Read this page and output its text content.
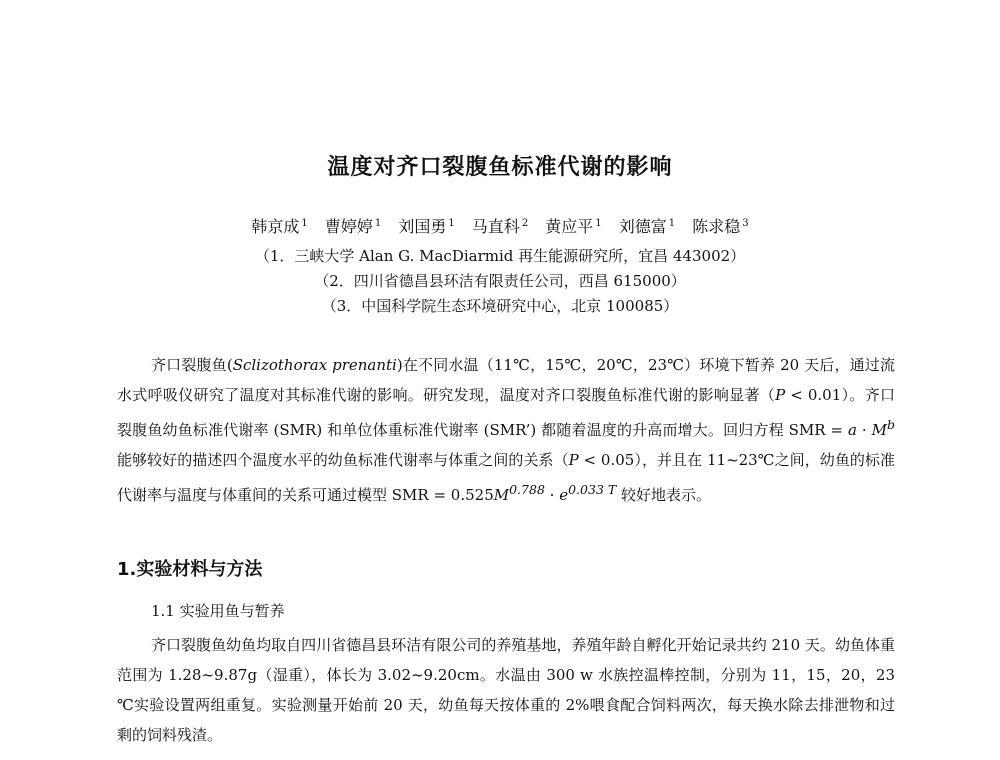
温度对齐口裂腹鱼标准代谢的影响
韩京成 $^1$ 曹婷婷 $^1$ 刘国勇 $^1$ 马直科 $^2$ 黄应平 $^1$ 刘德富 $^1$ 陈求稳 $^3$
（1．三峡大学 Alan G. MacDiarmid 再生能源研究所，宜昌 443002）
（2．四川省德昌县环洁有限责任公司，西昌 615000）
（3．中国科学院生态环境研究中心，北京 100085）

齐口裂腹鱼(Sclizothorax prenanti)在不同水温（11℃，15℃，20℃，23℃）环境下暂养 20 天后，通过流水式呼吸仪研究了温度对其标准代谢的影响。研究发现，温度对齐口裂腹鱼标准代谢的影响显著（P < 0.01）。齐口裂腹鱼幼鱼标准代谢率 (SMR) 和单位体重标准代谢率 (SMR’) 都随着温度的升高而增大。回归方程 SMR = $a \cdot M^b$ 能够较好的描述四个温度水平的幼鱼标准代谢率与体重之间的关系（P < 0.05），并且在 11~23℃之间，幼鱼的标准代谢率与温度与体重间的关系可通过模型 SMR = $0.525M^{0.788} \cdot e^{0.033 T}$ 较好地表示。

1.实验材料与方法
1.1 实验用鱼与暂养

齐口裂腹鱼幼鱼均取自四川省德昌县环洁有限公司的养殖基地，养殖年龄自孵化开始记录共约 210 天。幼鱼体重范围为 1.28~9.87g（湿重），体长为 3.02~9.20cm。水温由 300 w 水族控温棒控制，分别为 11，15，20，23 ℃实验设置两组重复。实验测量开始前 20 天，幼鱼每天按体重的 2%喂食配合饲料两次，每天换水除去排泄物和过剩的饲料残渣。
